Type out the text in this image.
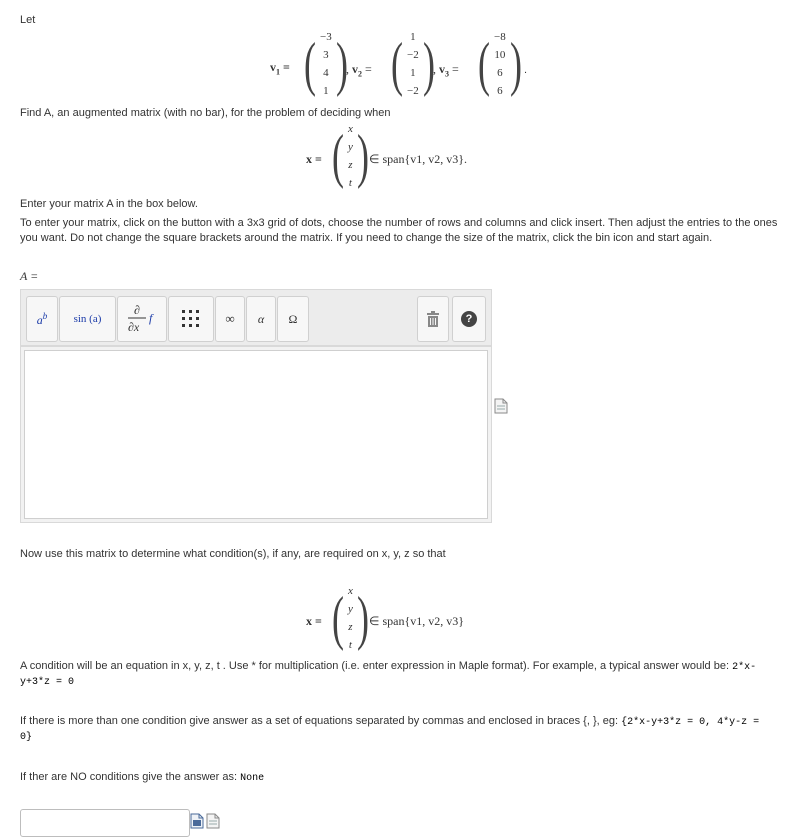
Let
$v_1$ = ( −3
3
4
1 )
, $v_2$ = ( 1
−2
1
−2 )
, $v_3$ = ( −8
10
6
6 ) .
Find A, an augmented matrix (with no bar), for the problem of deciding when
x = ( x
y
z
t ) ∈ span{v1, v2, v3}.
Enter your matrix A in the box below.
To enter your matrix, click on the button with a 3x3 grid of dots, choose the number of rows and columns and click insert. Then adjust the entries to the ones
you want. Do not change the square brackets around the matrix. If you need to change the size of the matrix, click the bin icon and start again.
A =
$a^b$ sin (a)
∂
∂x
f	∞ α Ω	?
Now use this matrix to determine what condition(s), if any, are required on x, y, z so that
x = ( x
y
z
t ) ∈ span{v1, v2, v3}
A condition will be an equation in x, y, z, t . Use * for multiplication (i.e. enter expression in Maple format). For example, a typical answer would be: 2*x-
y+3*z = 0
If there is more than one condition give answer as a set of equations separated by commas and enclosed in braces {, }, eg: {2*x-y+3*z = 0, 4*y-z =
0}
If ther are NO conditions give the answer as: None
